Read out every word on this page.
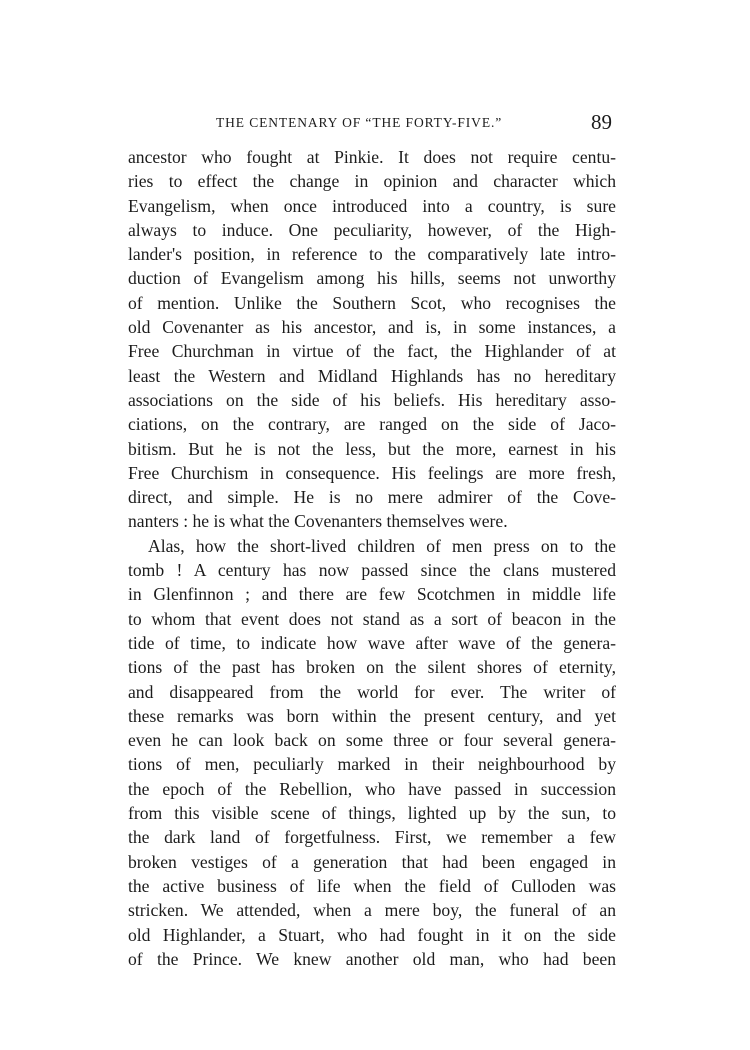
THE CENTENARY OF “THE FORTY-FIVE.”	89
ancestor who fought at Pinkie. It does not require centu-
ries to effect the change in opinion and character which
Evangelism, when once introduced into a country, is sure
always to induce. One peculiarity, however, of the High-
lander's position, in reference to the comparatively late intro-
duction of Evangelism among his hills, seems not unworthy
of mention. Unlike the Southern Scot, who recognises the
old Covenanter as his ancestor, and is, in some instances, a
Free Churchman in virtue of the fact, the Highlander of at
least the Western and Midland Highlands has no hereditary
associations on the side of his beliefs. His hereditary asso-
ciations, on the contrary, are ranged on the side of Jaco-
bitism. But he is not the less, but the more, earnest in his
Free Churchism in consequence. His feelings are more fresh,
direct, and simple. He is no mere admirer of the Cove-
nanters : he is what the Covenanters themselves were.
Alas, how the short-lived children of men press on to the
tomb ! A century has now passed since the clans mustered
in Glenfinnon ; and there are few Scotchmen in middle life
to whom that event does not stand as a sort of beacon in the
tide of time, to indicate how wave after wave of the genera-
tions of the past has broken on the silent shores of eternity,
and disappeared from the world for ever. The writer of
these remarks was born within the present century, and yet
even he can look back on some three or four several genera-
tions of men, peculiarly marked in their neighbourhood by
the epoch of the Rebellion, who have passed in succession
from this visible scene of things, lighted up by the sun, to
the dark land of forgetfulness. First, we remember a few
broken vestiges of a generation that had been engaged in
the active business of life when the field of Culloden was
stricken. We attended, when a mere boy, the funeral of an
old Highlander, a Stuart, who had fought in it on the side
of the Prince. We knew another old man, who had been
